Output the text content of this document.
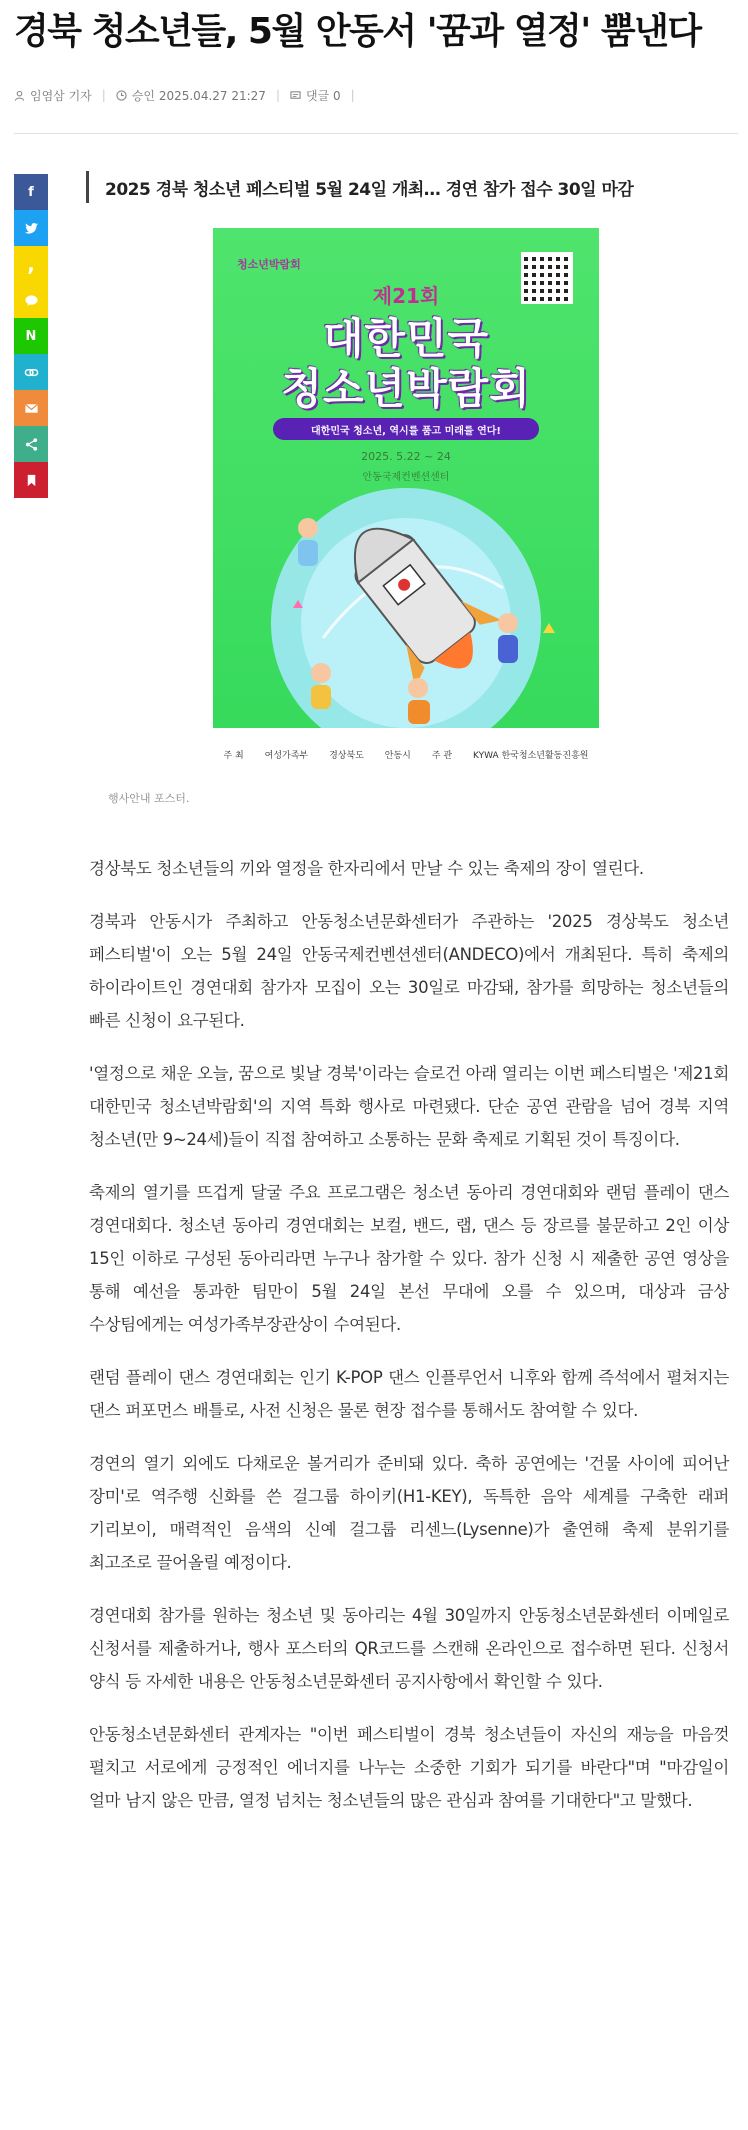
경북 청소년들, 5월 안동서 '꿈과 열정' 뿜낸다
임염삼 기자 | 승인 2025.04.27 21:27 | 댓글 0 |
f
,
N
2025 경북 청소년 페스티벌 5월 24일 개최… 경연 참가 접수 30일 마감
청소년박람회
제21회
대한민국
청소년박람회
대한민국 청소년, 역시를 품고 미래를 연다!
2025. 5.22 ~ 24
안동국제컨벤션센터
주 최 여성가족부 경상북도 안동시 주 관 KYWA 한국청소년활동진흥원
행사안내 포스터.

경상북도 청소년들의 끼와 열정을 한자리에서 만날 수 있는 축제의 장이 열린다.

경북과 안동시가 주최하고 안동청소년문화센터가 주관하는 '2025 경상북도 청소년 페스티벌'이 오는 5월 24일 안동국제컨벤션센터(ANDECO)에서 개최된다. 특히 축제의 하이라이트인 경연대회 참가자 모집이 오는 30일로 마감돼, 참가를 희망하는 청소년들의 빠른 신청이 요구된다.

'열정으로 채운 오늘, 꿈으로 빛날 경북'이라는 슬로건 아래 열리는 이번 페스티벌은 '제21회 대한민국 청소년박람회'의 지역 특화 행사로 마련됐다. 단순 공연 관람을 넘어 경북 지역 청소년(만 9~24세)들이 직접 참여하고 소통하는 문화 축제로 기획된 것이 특징이다.

축제의 열기를 뜨겁게 달굴 주요 프로그램은 청소년 동아리 경연대회와 랜덤 플레이 댄스 경연대회다. 청소년 동아리 경연대회는 보컬, 밴드, 랩, 댄스 등 장르를 불문하고 2인 이상 15인 이하로 구성된 동아리라면 누구나 참가할 수 있다. 참가 신청 시 제출한 공연 영상을 통해 예선을 통과한 팀만이 5월 24일 본선 무대에 오를 수 있으며, 대상과 금상 수상팀에게는 여성가족부장관상이 수여된다.

랜덤 플레이 댄스 경연대회는 인기 K-POP 댄스 인플루언서 니후와 함께 즉석에서 펼쳐지는 댄스 퍼포먼스 배틀로, 사전 신청은 물론 현장 접수를 통해서도 참여할 수 있다.

경연의 열기 외에도 다채로운 볼거리가 준비돼 있다. 축하 공연에는 '건물 사이에 피어난 장미'로 역주행 신화를 쓴 걸그룹 하이키(H1-KEY), 독특한 음악 세계를 구축한 래퍼 기리보이, 매력적인 음색의 신예 걸그룹 리센느(Lysenne)가 출연해 축제 분위기를 최고조로 끌어올릴 예정이다.

경연대회 참가를 원하는 청소년 및 동아리는 4월 30일까지 안동청소년문화센터 이메일로 신청서를 제출하거나, 행사 포스터의 QR코드를 스캔해 온라인으로 접수하면 된다. 신청서 양식 등 자세한 내용은 안동청소년문화센터 공지사항에서 확인할 수 있다.

안동청소년문화센터 관계자는 "이번 페스티벌이 경북 청소년들이 자신의 재능을 마음껏 펼치고 서로에게 긍정적인 에너지를 나누는 소중한 기회가 되기를 바란다"며 "마감일이 얼마 남지 않은 만큼, 열정 넘치는 청소년들의 많은 관심과 참여를 기대한다"고 말했다.
